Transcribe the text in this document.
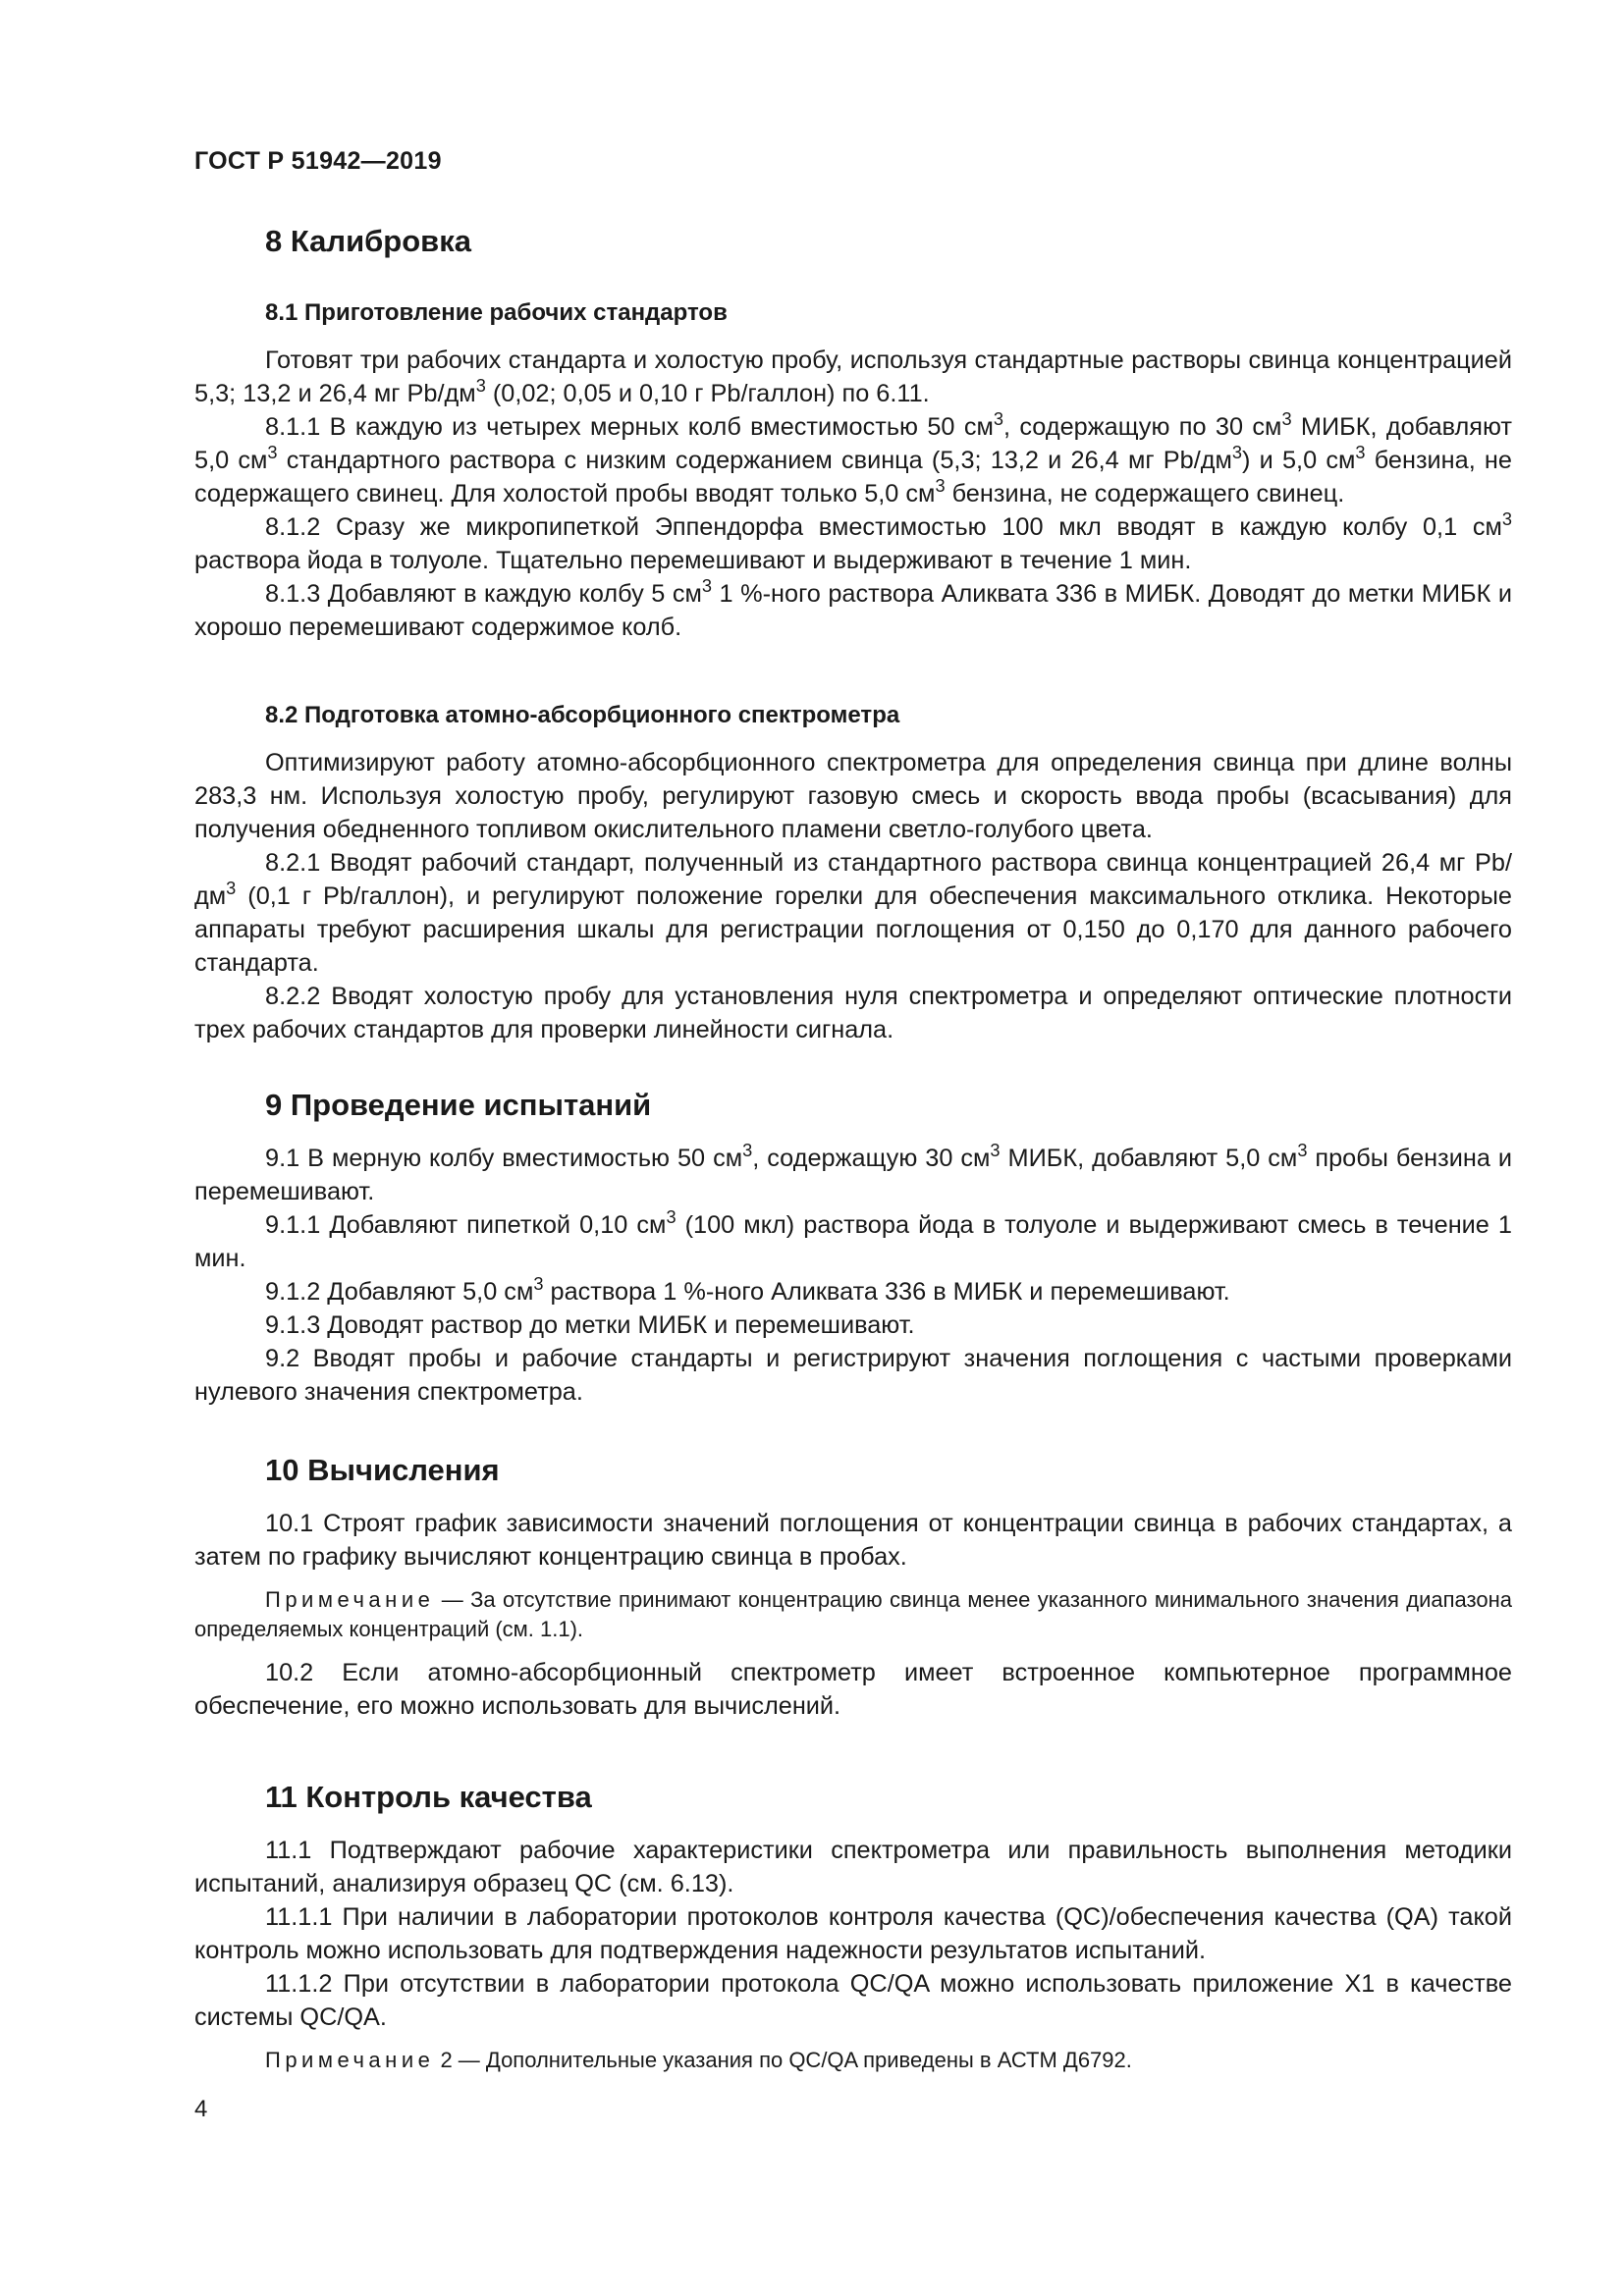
ГОСТ Р 51942—2019
8 Калибровка
8.1 Приготовление рабочих стандартов

Готовят три рабочих стандарта и холостую пробу, используя стандартные растворы свинца концентрацией 5,3; 13,2 и 26,4 мг $Pb/дм^3$ (0,02; 0,05 и 0,10 г Pb/галлон) по 6.11.

8.1.1 В каждую из четырех мерных колб вместимостью 50 $см^3$, содержащую по 30 $см^3$ МИБК, добавляют 5,0 $см^3$ стандартного раствора с низким содержанием свинца (5,3; 13,2 и 26,4 мг $Pb/дм^3$) и 5,0 $см^3$ бензина, не содержащего свинец. Для холостой пробы вводят только 5,0 $см^3$ бензина, не содержащего свинец.

8.1.2 Сразу же микропипеткой Эппендорфа вместимостью 100 мкл вводят в каждую колбу 0,1 $см^3$ раствора йода в толуоле. Тщательно перемешивают и выдерживают в течение 1 мин.

8.1.3 Добавляют в каждую колбу 5 $см^3$ 1 %-ного раствора Аликвата 336 в МИБК. Доводят до метки МИБК и хорошо перемешивают содержимое колб.

8.2 Подготовка атомно-абсорбционного спектрометра

Оптимизируют работу атомно-абсорбционного спектрометра для определения свинца при длине волны 283,3 нм. Используя холостую пробу, регулируют газовую смесь и скорость ввода пробы (всасывания) для получения обедненного топливом окислительного пламени светло-голубого цвета.

8.2.1 Вводят рабочий стандарт, полученный из стандартного раствора свинца концентрацией 26,4 мг $Pb/дм^3$ (0,1 г Pb/галлон), и регулируют положение горелки для обеспечения максимального отклика. Некоторые аппараты требуют расширения шкалы для регистрации поглощения от 0,150 до 0,170 для данного рабочего стандарта.

8.2.2 Вводят холостую пробу для установления нуля спектрометра и определяют оптические плотности трех рабочих стандартов для проверки линейности сигнала.

9 Проведение испытаний

9.1 В мерную колбу вместимостью 50 $см^3$, содержащую 30 $см^3$ МИБК, добавляют 5,0 $см^3$ пробы бензина и перемешивают.

9.1.1 Добавляют пипеткой 0,10 $см^3$ (100 мкл) раствора йода в толуоле и выдерживают смесь в течение 1 мин.

9.1.2 Добавляют 5,0 $см^3$ раствора 1 %-ного Аликвата 336 в МИБК и перемешивают.

9.1.3 Доводят раствор до метки МИБК и перемешивают.

9.2 Вводят пробы и рабочие стандарты и регистрируют значения поглощения с частыми проверками нулевого значения спектрометра.

10 Вычисления

10.1 Строят график зависимости значений поглощения от концентрации свинца в рабочих стандартах, а затем по графику вычисляют концентрацию свинца в пробах.

Примечание — За отсутствие принимают концентрацию свинца менее указанного минимального значения диапазона определяемых концентраций (см. 1.1).

10.2 Если атомно-абсорбционный спектрометр имеет встроенное компьютерное программное обеспечение, его можно использовать для вычислений.

11 Контроль качества

11.1 Подтверждают рабочие характеристики спектрометра или правильность выполнения методики испытаний, анализируя образец QC (см. 6.13).

11.1.1 При наличии в лаборатории протоколов контроля качества (QC)/обеспечения качества (QA) такой контроль можно использовать для подтверждения надежности результатов испытаний.

11.1.2 При отсутствии в лаборатории протокола QC/QA можно использовать приложение X1 в качестве системы QC/QA.

Примечание 2 — Дополнительные указания по QC/QA приведены в АСТМ Д6792.

4
